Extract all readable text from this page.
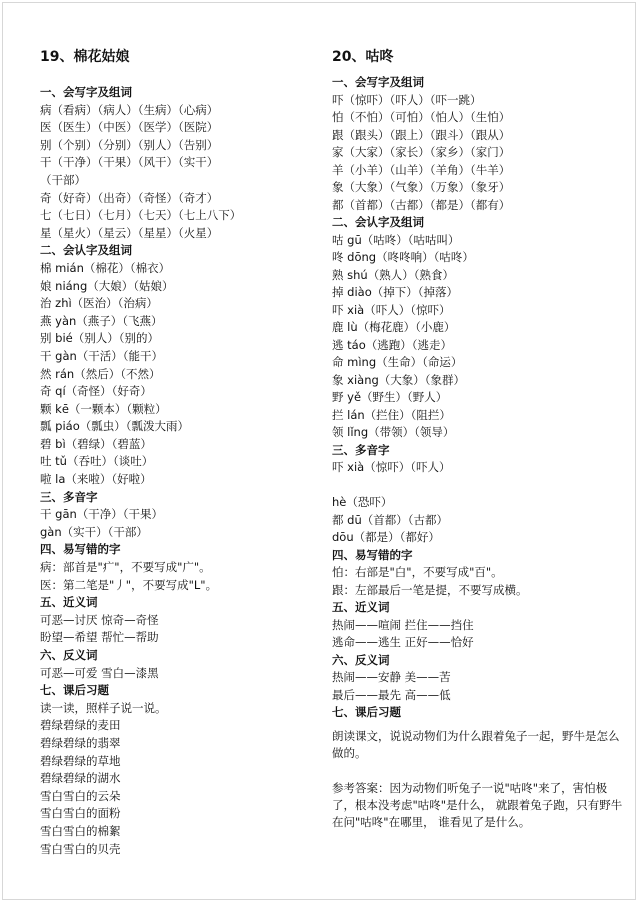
19、棉花姑娘
一、会写字及组词
病（看病）（病人）（生病）（心病）
医（医生）（中医）（医学）（医院）
别（个别）（分别）（别人）（告别）
干（干净）（干果）（风干）（实干）
（干部）
奇（好奇）（出奇）（奇怪）（奇才）
七（七日）（七月）（七天）（七上八下）
星（星火）（星云）（星星）（火星）
二、会认字及组词
棉 mián（棉花）（棉衣）
娘 niáng（大娘）（姑娘）
治 zhì（医治）（治病）
燕 yàn（燕子）（飞燕）
别 bié（别人）（别的）
干 gàn（干活）（能干）
然 rán（然后）（不然）
奇 qí（奇怪）（好奇）
颗 kē（一颗本）（颗粒）
瓢 piáo（瓢虫）（瓢泼大雨）
碧 bì（碧绿）（碧蓝）
吐 tǔ（吞吐）（谈吐）
啦 la（来啦）（好啦）
三、多音字
干 gān（干净）（干果）
gàn（实干）（干部）
四、易写错的字
病：部首是"疒"，不要写成"广"。
医：第二笔是"丿"，不要写成"L"。
五、近义词
可恶—讨厌 惊奇—奇怪
盼望—希望 帮忙—帮助
六、反义词
可恶—可爱 雪白—漆黑
七、课后习题
读一读，照样子说一说。
碧绿碧绿的麦田
碧绿碧绿的翡翠
碧绿碧绿的草地
碧绿碧绿的湖水
雪白雪白的云朵
雪白雪白的面粉
雪白雪白的棉絮
雪白雪白的贝壳
20、咕咚
一、会写字及组词
吓（惊吓）（吓人）（吓一跳）
怕（不怕）（可怕）（怕人）（生怕）
跟（跟头）（跟上）（跟斗）（跟从）
家（大家）（家长）（家乡）（家门）
羊（小羊）（山羊）（羊角）（牛羊）
象（大象）（气象）（万象）（象牙）
都（首都）（古都）（都是）（都有）
二、会认字及组词
咕 gū（咕咚）（咕咕叫）
咚 dōng（咚咚响）（咕咚）
熟 shú（熟人）（熟食）
掉 diào（掉下）（掉落）
吓 xià（吓人）（惊吓）
鹿 lù（梅花鹿）（小鹿）
逃 táo（逃跑）（逃走）
命 mìng（生命）（命运）
象 xiàng（大象）（象群）
野 yě（野生）（野人）
拦 lán（拦住）（阻拦）
领 lǐng（带领）（领导）
三、多音字
吓 xià（惊吓）（吓人）
hè（恐吓）
都 dū（首都）（古都）
dōu（都是）（都好）
四、易写错的字
怕：右部是"白"，不要写成"百"。
跟：左部最后一笔是提，不要写成横。
五、近义词
热闹——喧闹 拦住——挡住
逃命——逃生 正好——恰好
六、反义词
热闹——安静 美——苦
最后——最先 高——低
七、课后习题
朗读课文，说说动物们为什么跟着兔子一起，野牛是怎么做的。
参考答案：因为动物们听兔子一说"咕咚"来了，害怕极了，根本没考虑"咕咚"是什么， 就跟着兔子跑，只有野牛在问"咕咚"在哪里， 谁看见了是什么。
